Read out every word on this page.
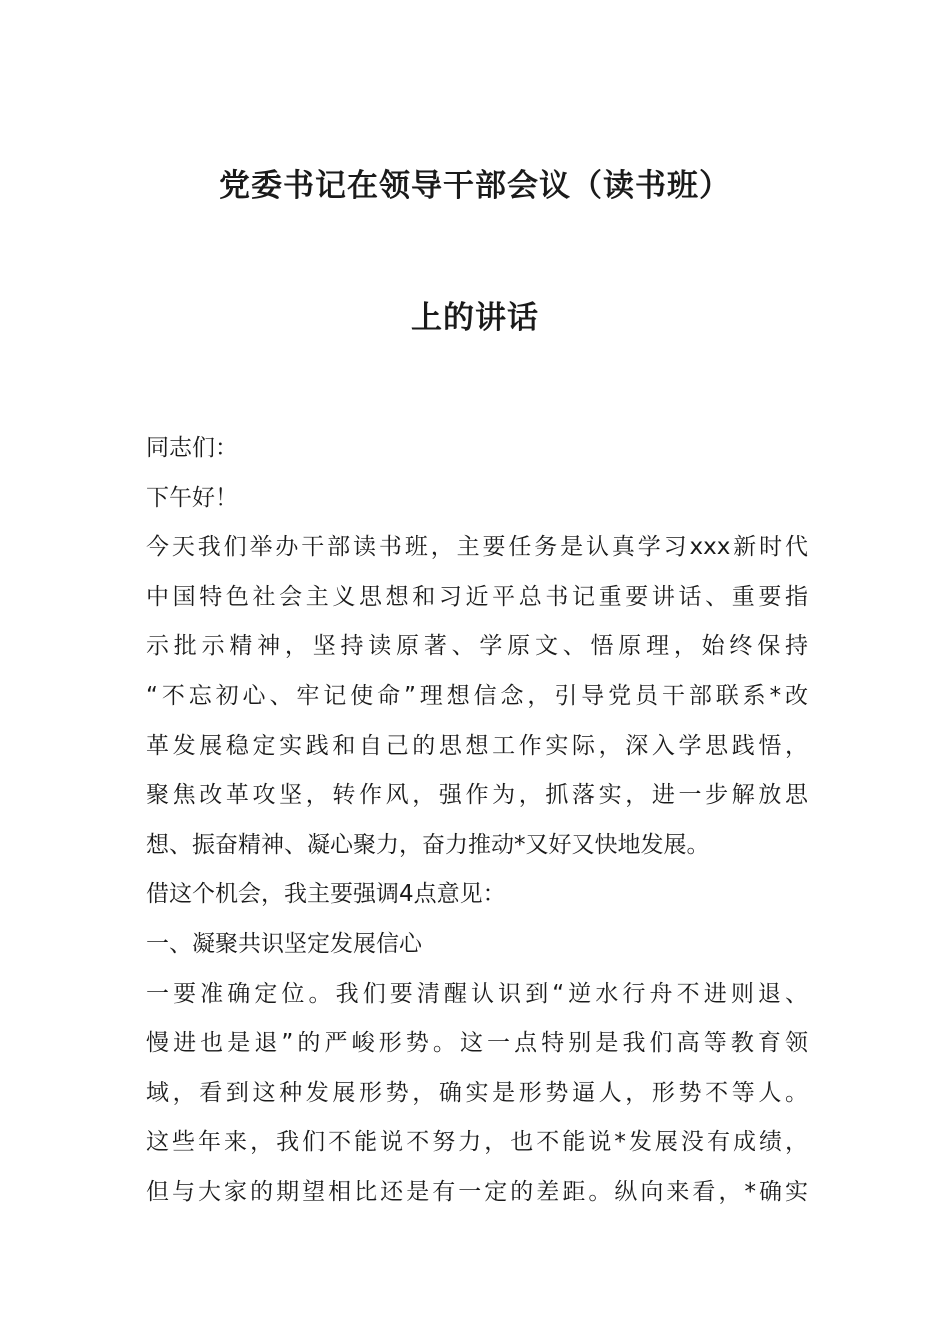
党委书记在领导干部会议（读书班）
上的讲话
同志们：
下午好！
今天我们举办干部读书班，主要任务是认真学习xxx新时代
中国特色社会主义思想和习近平总书记重要讲话、重要指
示批示精神，坚持读原著、学原文、悟原理，始终保持
“不忘初心、牢记使命”理想信念，引导党员干部联系*改
革发展稳定实践和自己的思想工作实际，深入学思践悟，
聚焦改革攻坚，转作风，强作为，抓落实，进一步解放思
想、振奋精神、凝心聚力，奋力推动*又好又快地发展。
借这个机会，我主要强调4点意见：
一、凝聚共识坚定发展信心
一要准确定位。我们要清醒认识到“逆水行舟不进则退、
慢进也是退”的严峻形势。这一点特别是我们高等教育领
域，看到这种发展形势，确实是形势逼人，形势不等人。
这些年来，我们不能说不努力，也不能说*发展没有成绩，
但与大家的期望相比还是有一定的差距。纵向来看，*确实
